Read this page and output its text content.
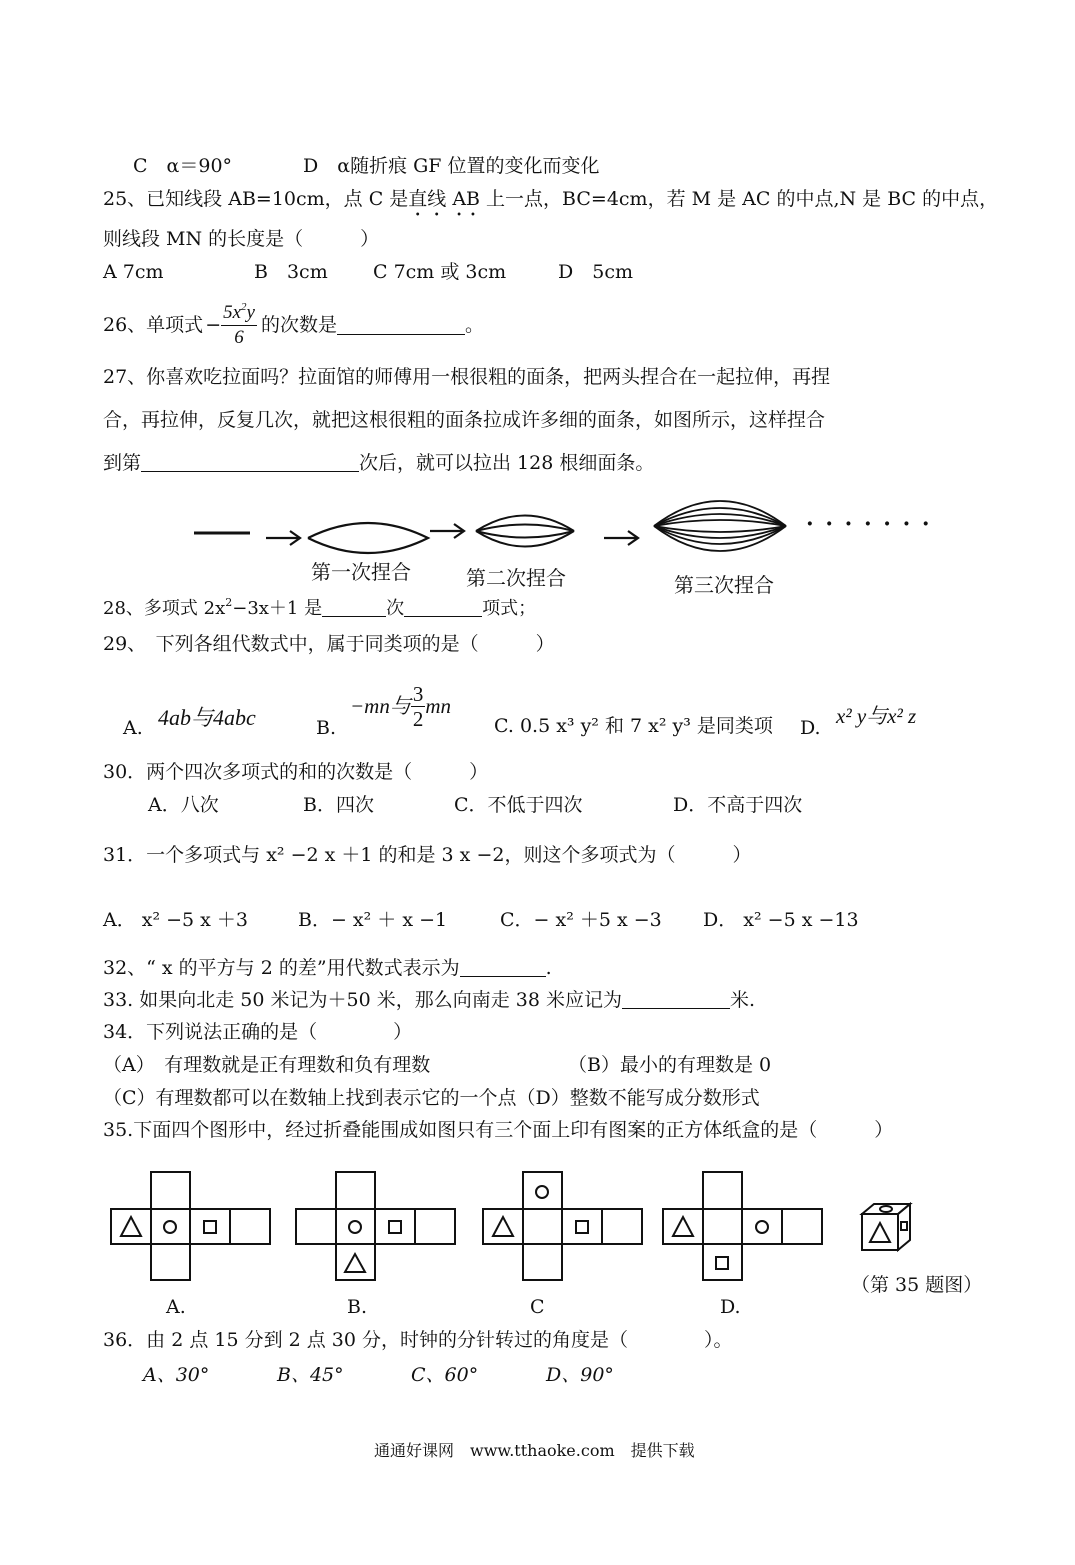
C　α＝90°	D　α随折痕 GF 位置的变化而变化
25、已知线段 AB=10cm，点 C 是直线 AB 上一点，BC=4cm，若 M 是 AC 的中点,N 是 BC 的中点，
则线段 MN 的长度是（　　　）
A 7cm	B　3cm C 7cm 或 3cm	D　5cm
26、单项式 − $\frac{5x^2y}{6}$ 的次数是	。
27、你喜欢吃拉面吗？拉面馆的师傅用一根很粗的面条，把两头捏合在一起拉伸，再捏
合，再拉伸，反复几次，就把这根很粗的面条拉成许多细的面条，如图所示，这样捏合
到第	次后，就可以拉出 128 根细面条。
第一次捏合	第二次捏合	第三次捏合
· · · · · · ·
28、多项式 $2x^2-3x+1$ 是	次	项式；
29、　下列各组代数式中，属于同类项的是（　　　）
A. 4ab与4abc	B.
−mn与 $\frac{3}{2}$ mn
C. 0.5 x³ y² 和 7 x² y³ 是同类项 D. x² y与x² z
30．两个四次多项式的和的次数是（　　　）
A．八次	B．四次	C．不低于四次	D．不高于四次
31．一个多项式与 x² −2 x ＋1 的和是 3 x −2，则这个多项式为（　　　）
A． x² −5 x ＋3	B．− x² ＋ x −1	C．− x² ＋5 x −3 D． x² −5 x −13
32、“ x 的平方与 2 的差”用代数式表示为	.
33. 如果向北走 50 米记为＋50 米，那么向南走 38 米应记为	米.
34．下列说法正确的是（　　　　）
（A）　有理数就是正有理数和负有理数	（B）最小的有理数是 0
（C）有理数都可以在数轴上找到表示它的一个点（D）整数不能写成分数形式
35.下面四个图形中，经过折叠能围成如图只有三个面上印有图案的正方体纸盒的是（　　　）
A.	B.	C	D.
（第 35 题图）
36．由 2 点 15 分到 2 点 30 分，时钟的分针转过的角度是（　　　　）。
A、30°	B、45°	C、60°	D、90°
通通好课网　www.tthaoke.com　提供下载
